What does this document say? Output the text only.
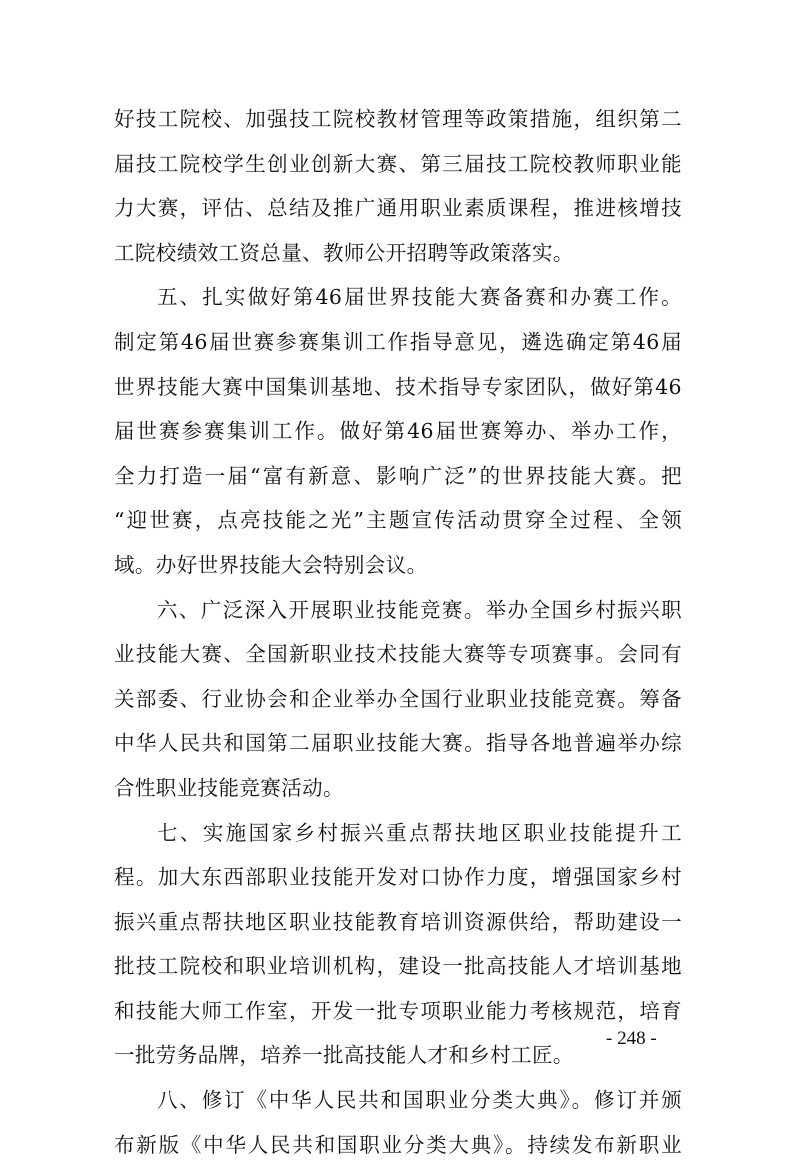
好技工院校、加强技工院校教材管理等政策措施，组织第二
届技工院校学生创业创新大赛、第三届技工院校教师职业能
力大赛，评估、总结及推广通用职业素质课程，推进核增技
工院校绩效工资总量、教师公开招聘等政策落实。
五、扎实做好第46届世界技能大赛备赛和办赛工作。
制定第46届世赛参赛集训工作指导意见，遴选确定第46届
世界技能大赛中国集训基地、技术指导专家团队，做好第46
届世赛参赛集训工作。做好第46届世赛筹办、举办工作，
全力打造一届“富有新意、影响广泛”的世界技能大赛。把
“迎世赛，点亮技能之光”主题宣传活动贯穿全过程、全领
域。办好世界技能大会特别会议。
六、广泛深入开展职业技能竞赛。举办全国乡村振兴职
业技能大赛、全国新职业技术技能大赛等专项赛事。会同有
关部委、行业协会和企业举办全国行业职业技能竞赛。筹备
中华人民共和国第二届职业技能大赛。指导各地普遍举办综
合性职业技能竞赛活动。
七、实施国家乡村振兴重点帮扶地区职业技能提升工
程。加大东西部职业技能开发对口协作力度，增强国家乡村
振兴重点帮扶地区职业技能教育培训资源供给，帮助建设一
批技工院校和职业培训机构，建设一批高技能人才培训基地
和技能大师工作室，开发一批专项职业能力考核规范，培育
一批劳务品牌，培养一批高技能人才和乡村工匠。
八、修订《中华人民共和国职业分类大典》。修订并颁
布新版《中华人民共和国职业分类大典》。持续发布新职业
- 248 -
